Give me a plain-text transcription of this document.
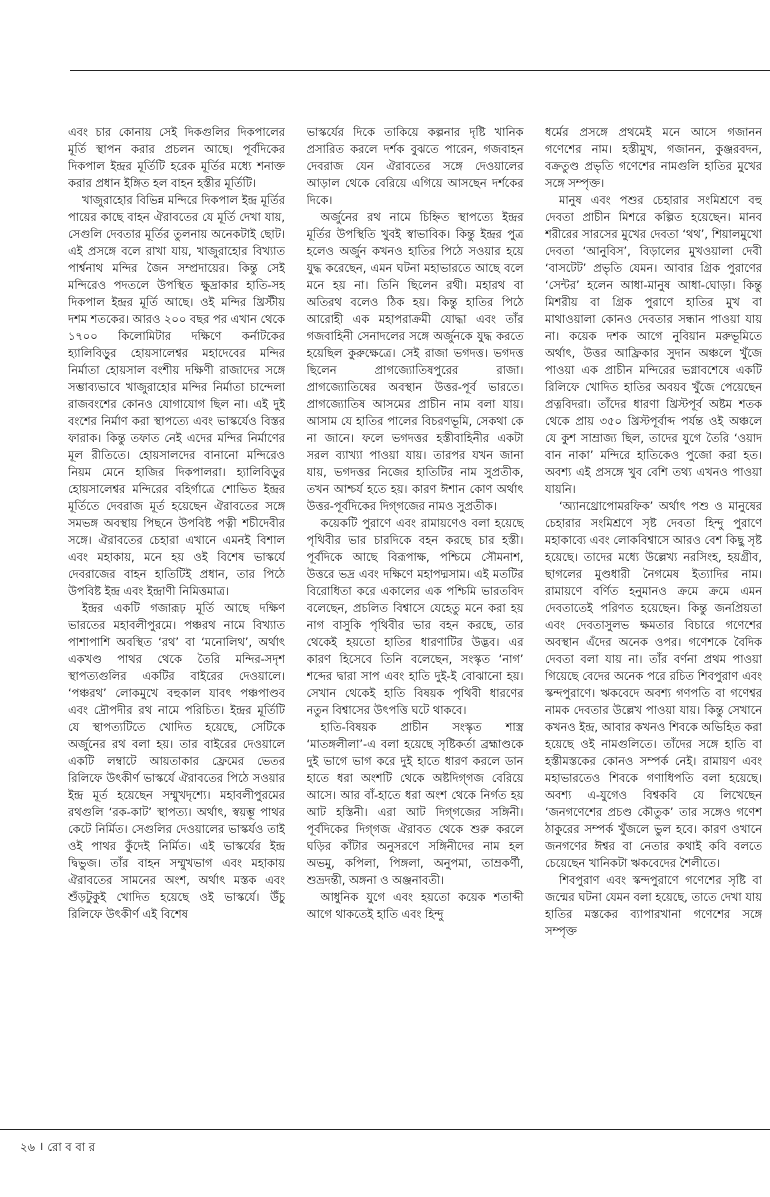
এবং চার কোনায় সেই দিকগুলির দিকপালের মূর্তি স্থাপন করার প্রচলন আছে। পূর্বদিকের দিকপাল ইন্দ্রর মূর্তিটি হরেক মূর্তির মধ্যে শনাক্ত করার প্রধান ইঙ্গিত হল বাহন হস্তীর মূর্তিটি।

খাজুরাহোর বিভিন্ন মন্দিরে দিকপাল ইন্দ্র মূর্তির পায়ের কাছে বাহন ঐরাবতের যে মূর্তি দেখা যায়, সেগুলি দেবতার মূর্তির তুলনায় অনেকটাই ছোট। এই প্রসঙ্গে বলে রাখা যায়, খাজুরাহোর বিখ্যাত পার্শ্বনাথ মন্দির জৈন সম্প্রদায়ের। কিন্তু সেই মন্দিরেও পদতলে উপস্থিত ক্ষুদ্রাকার হাতি-সহ দিকপাল ইন্দ্রর মূর্তি আছে। ওই মন্দির খ্রিস্টীয় দশম শতকের। আরও ২০০ বছর পর এখান থেকে ১৭০০ কিলোমিটার দক্ষিণে কর্নাটকের হ্যালিবিড়ুর হোয়সালেশ্বর মহাদেবের মন্দির নির্মাতা হোয়সাল বংশীয় দক্ষিণী রাজাদের সঙ্গে সম্ভাব্যভাবে খাজুরাহোর মন্দির নির্মাতা চান্দেলা রাজবংশের কোনও যোগাযোগ ছিল না। এই দুই বংশের নির্মাণ করা স্থাপত্যে এবং ভাস্কর্যেও বিস্তর ফারাক। কিন্তু তফাত নেই এদের মন্দির নির্মাণের মূল রীতিতে। হোয়সালদের বানানো মন্দিরেও নিয়ম মেনে হাজির দিকপালরা। হ্যালিবিড়ুর হোয়সালেশ্বর মন্দিরের বহির্গাত্রে শোভিত ইন্দ্রর মূর্তিতে দেবরাজ মূর্ত হয়েছেন ঐরাবতের সঙ্গে সমভঙ্গ অবস্থায় পিছনে উপবিষ্ট পত্নী শচীদেবীর সঙ্গে। ঐরাবতের চেহারা এখানে এমনই বিশাল এবং মহাকায়, মনে হয় ওই বিশেষ ভাস্কর্যে দেবরাজের বাহন হাতিটিই প্রধান, তার পিঠে উপবিষ্ট ইন্দ্র এবং ইন্দ্রাণী নিমিত্তমাত্র।

ইন্দ্রর একটি গজারূঢ় মূর্তি আছে দক্ষিণ ভারতের মহাবলীপুরমে। পঞ্চরথ নামে বিখ্যাত পাশাপাশি অবস্থিত ‘রথ’ বা ‘মনোলিথ’, অর্থাৎ একখণ্ড পাথর থেকে তৈরি মন্দির-সদৃশ স্থাপত্যগুলির একটির বাইরের দেওয়ালে। ‘পঞ্চরথ’ লোকমুখে বহুকাল যাবৎ পঞ্চপাণ্ডব এবং দ্রৌপদীর রথ নামে পরিচিত। ইন্দ্রর মূর্তিটি যে স্থাপত্যটিতে খোদিত হয়েছে, সেটিকে অর্জুনের রথ বলা হয়। তার বাইরের দেওয়ালে একটি লম্বাটে আয়তাকার ফ্রেমের ভেতর রিলিফে উৎকীর্ণ ভাস্কর্যে ঐরাবতের পিঠে সওয়ার ইন্দ্র মূর্ত হয়েছেন সম্মুখদৃশ্যে। মহাবলীপুরমের রথগুলি ‘রক-কাট’ স্থাপত্য। অর্থাৎ, স্বয়ম্ভূ পাথর কেটে নির্মিত। সেগুলির দেওয়ালের ভাস্কর্যও তাই ওই পাথর কুঁদেই নির্মিত। এই ভাস্কর্যের ইন্দ্র দ্বিভুজ। তাঁর বাহন সম্মুখভাগ এবং মহাকায় ঐরাবতের সামনের অংশ, অর্থাৎ মস্তক এবং শুঁড়টুকুই খোদিত হয়েছে ওই ভাস্কর্যে। উঁচু রিলিফে উৎকীর্ণ এই বিশেষ

ভাস্কর্যের দিকে তাকিয়ে কল্পনার দৃষ্টি খানিক প্রসারিত করলে দর্শক বুঝতে পারেন, গজবাহন দেবরাজ যেন ঐরাবতের সঙ্গে দেওয়ালের আড়াল থেকে বেরিয়ে এগিয়ে আসছেন দর্শকের দিকে।

অর্জুনের রথ নামে চিহ্নিত স্থাপত্যে ইন্দ্রর মূর্তির উপস্থিতি খুবই স্বাভাবিক। কিন্তু ইন্দ্রর পুত্র হলেও অর্জুন কখনও হাতির পিঠে সওয়ার হয়ে যুদ্ধ করেছেন, এমন ঘটনা মহাভারতে আছে বলে মনে হয় না। তিনি ছিলেন রথী। মহারথ বা অতিরথ বলেও ঠিক হয়। কিন্তু হাতির পিঠে আরোহী এক মহাপরাক্রমী যোদ্ধা এবং তাঁর গজবাহিনী সেনাদলের সঙ্গে অর্জুনকে যুদ্ধ করতে হয়েছিল কুরুক্ষেত্রে। সেই রাজা ভগদত্ত। ভগদত্ত ছিলেন প্রাগজ্যোতিষপুরের রাজা। প্রাগজ্যোতিষের অবস্থান উত্তর-পূর্ব ভারতে। প্রাগজ্যোতিষ আসমের প্রাচীন নাম বলা যায়। আসাম যে হাতির পালের বিচরণভূমি, সেকথা কে না জানে। ফলে ভগদত্তর হস্তীবাহিনীর একটা সরল ব্যাখ্যা পাওয়া যায়। তারপর যখন জানা যায়, ভগদত্তর নিজের হাতিটির নাম সুপ্রতীক, তখন আশ্চর্য হতে হয়। কারণ ঈশান কোণ অর্থাৎ উত্তর-পূর্বদিকের দিগ্‌গজের নামও সুপ্রতীক।

কয়েকটি পুরাণে এবং রামায়ণেও বলা হয়েছে পৃথিবীর ভার চারদিকে বহন করছে চার হস্তী। পূর্বদিকে আছে বিরূপাক্ষ, পশ্চিমে সৌমনাশ, উত্তরে ভদ্র এবং দক্ষিণে মহাপদ্মসাম। এই মতটির বিরোধিতা করে একালের এক পশ্চিমি ভারতবিদ বলেছেন, প্রচলিত বিশ্বাসে যেহেতু মনে করা হয় নাগ বাসুকি পৃথিবীর ভার বহন করছে, তার থেকেই হয়তো হাতির ধারণাটির উদ্ভব। এর কারণ হিসেবে তিনি বলেছেন, সংস্কৃত ‘নাগ’ শব্দের দ্বারা সাপ এবং হাতি দুই-ই বোঝানো হয়। সেখান থেকেই হাতি বিষয়ক পৃথিবী ধারণের নতুন বিশ্বাসের উৎপত্তি ঘটে থাকবে।

হাতি-বিষয়ক প্রাচীন সংস্কৃত শাস্ত্র ‘মাতঙ্গলীলা’-এ বলা হয়েছে সৃষ্টিকর্তা ব্রহ্মাণ্ডকে দুই ভাগে ভাগ করে দুই হাতে ধারণ করলে ডান হাতে ধরা অংশটি থেকে অষ্টদিগ্‌গজ বেরিয়ে আসে। আর বাঁ-হাতে ধরা অংশ থেকে নির্গত হয় আট হস্তিনী। এরা আট দিগ্‌গজের সঙ্গিনী। পূর্বদিকের দিগ্‌গজ ঐরাবত থেকে শুরু করলে ঘড়ির কাঁটার অনুসরণে সঙ্গিনীদের নাম হল অভমু, কপিলা, পিঙ্গলা, অনুপমা, তাম্রকর্ণী, শুভ্রদন্তী, অঙ্গনা ও অঞ্জনাবতী।

আধুনিক যুগে এবং হয়তো কয়েক শতাব্দী আগে থাকতেই হাতি এবং হিন্দু

ধর্মের প্রসঙ্গে প্রথমেই মনে আসে গজানন গণেশের নাম। হস্তীমুখ, গজানন, কুঞ্জরবদন, বক্রতুণ্ড প্রভৃতি গণেশের নামগুলি হাতির মুখের সঙ্গে সম্পৃক্ত।

মানুষ এবং পশুর চেহারার সংমিশ্রণে বহু দেবতা প্রাচীন মিশরে কল্পিত হয়েছেন। মানব শরীরের সারসের মুখের দেবতা ‘থথ’, শিয়ালমুখো দেবতা ‘আনুবিস’, বিড়ালের মুখওয়ালা দেবী ‘বাসটেট’ প্রভৃতি যেমন। আবার গ্রিক পুরাণের ‘সেন্টর’ হলেন আধা-মানুষ আধা-ঘোড়া। কিন্তু মিশরীয় বা গ্রিক পুরাণে হাতির মুখ বা মাথাওয়ালা কোনও দেবতার সন্ধান পাওয়া যায় না। কয়েক দশক আগে নুবিয়ান মরুভূমিতে অর্থাৎ, উত্তর আফ্রিকার সুদান অঞ্চলে খুঁজে পাওয়া এক প্রাচীন মন্দিরের ভগ্নাবশেষে একটি রিলিফে খোদিত হাতির অবয়ব খুঁজে পেয়েছেন প্রত্নবিদরা। তাঁদের ধারণা খ্রিস্টপূর্ব অষ্টম শতক থেকে প্রায় ৩৫০ খ্রিস্টপূর্বাব্দ পর্যন্ত ওই অঞ্চলে যে কুশ সাম্রাজ্য ছিল, তাদের যুগে তৈরি ‘ওয়াদ বান নাকা’ মন্দিরে হাতিকেও পুজো করা হত। অবশ্য এই প্রসঙ্গে খুব বেশি তথ্য এখনও পাওয়া যায়নি।

‘অ্যানথ্রোপোমরফিক’ অর্থাৎ পশু ও মানুষের চেহারার সংমিশ্রণে সৃষ্ট দেবতা হিন্দু পুরাণে মহাকাব্যে এবং লোকবিশ্বাসে আরও বেশ কিছু সৃষ্ট হয়েছে। তাদের মধ্যে উল্লেখ্য নরসিংহ, হয়গ্রীব, ছাগলের মুণ্ডধারী নৈগমেষ ইত্যাদির নাম। রামায়ণে বর্ণিত হনুমানও ক্রমে ক্রমে এমন দেবতাতেই পরিণত হয়েছেন। কিন্তু জনপ্রিয়তা এবং দেবতাসুলভ ক্ষমতার বিচারে গণেশের অবস্থান এঁদের অনেক ওপর। গণেশকে বৈদিক দেবতা বলা যায় না। তাঁর বর্ণনা প্রথম পাওয়া গিয়েছে বেদের অনেক পরে রচিত শিবপুরাণ এবং স্কন্দপুরাণে। ঋকবেদে অবশ্য গণপতি বা গণেশ্বর নামক দেবতার উল্লেখ পাওয়া যায়। কিন্তু সেখানে কখনও ইন্দ্র, আবার কখনও শিবকে অভিহিত করা হয়েছে ওই নামগুলিতে। তাঁদের সঙ্গে হাতি বা হস্তীমস্তকের কোনও সম্পর্ক নেই। রামায়ণ এবং মহাভারতেও শিবকে গণাধিপতি বলা হয়েছে। অবশ্য এ-যুগেও বিশ্বকবি যে লিখেছেন ‘জনগণেশের প্রচণ্ড কৌতুক’ তার সঙ্গেও গণেশ ঠাকুরের সম্পর্ক খুঁজলে ভুল হবে। কারণ ওখানে জনগণের ঈশ্বর বা নেতার কথাই কবি বলতে চেয়েছেন খানিকটা ঋকবেদের শৈলীতে।

শিবপুরাণ এবং স্কন্দপুরাণে গণেশের সৃষ্টি বা জন্মের ঘটনা যেমন বলা হয়েছে, তাতে দেখা যায় হাতির মস্তকের ব্যাপারখানা গণেশের সঙ্গে সম্পৃক্ত

২৬ । রো ব বা র
